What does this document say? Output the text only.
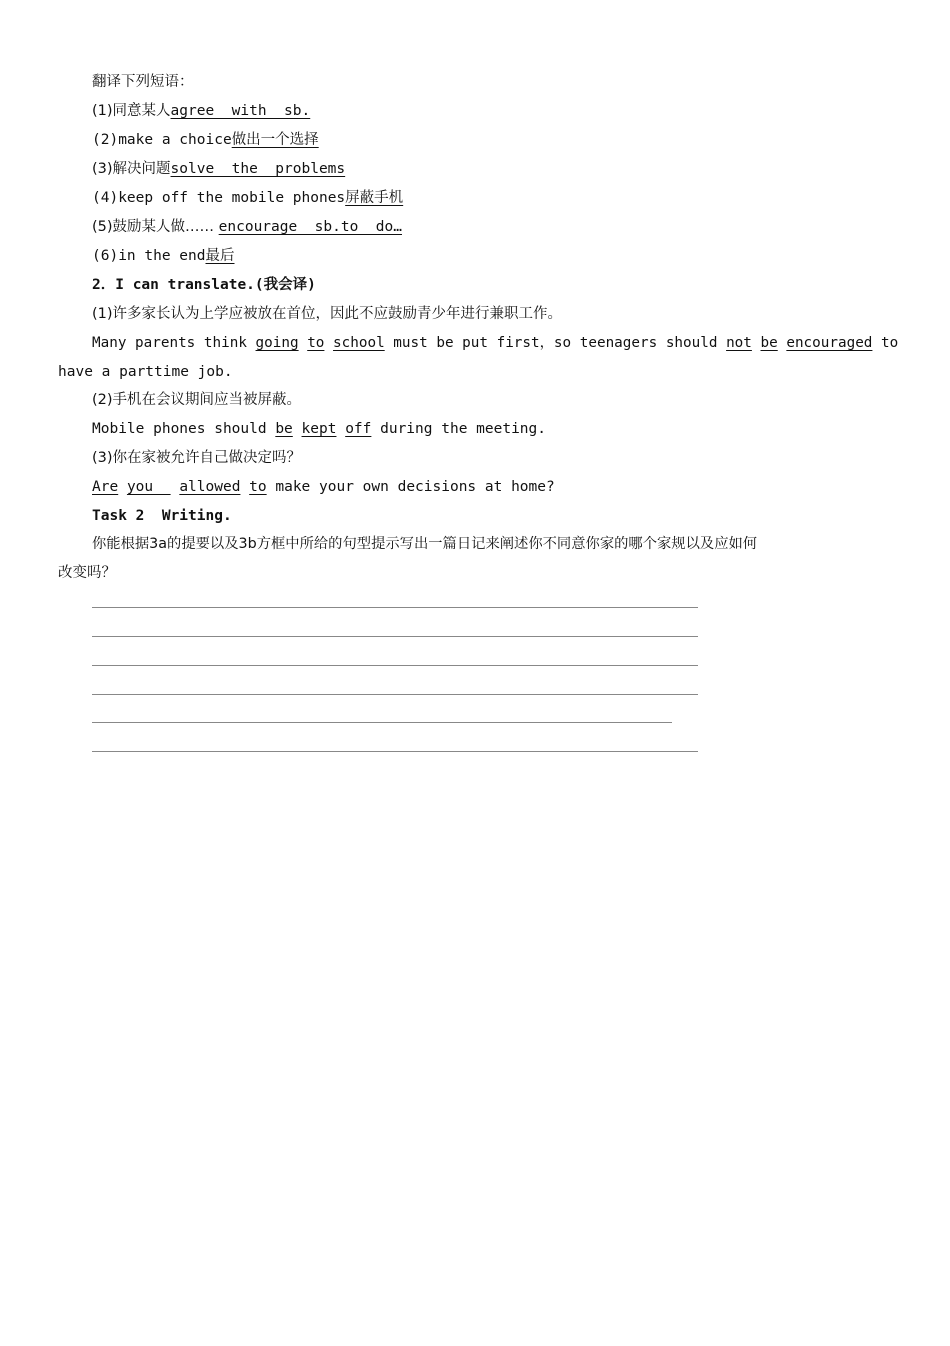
翻译下列短语：
(1)同意某人agree  with  sb.
(2)make a choice做出一个选择
(3)解决问题solve  the  problems
(4)keep off the mobile phones屏蔽手机
(5)鼓励某人做…… encourage  sb.to  do…
(6)in the end最后
2．I can translate.(我会译)
(1)许多家长认为上学应被放在首位，因此不应鼓励青少年进行兼职工作。
Many parents think going to school must be put first，so teenagers should not be encouraged to
have a parttime job.
(2)手机在会议期间应当被屏蔽。
Mobile phones should be kept off during the meeting.
(3)你在家被允许自己做决定吗？
Are you   allowed to make your own decisions at home?
Task 2  Writing.
你能根据3a的提要以及3b方框中所给的句型提示写出一篇日记来阐述你不同意你家的哪个家规以及应如何
改变吗？
